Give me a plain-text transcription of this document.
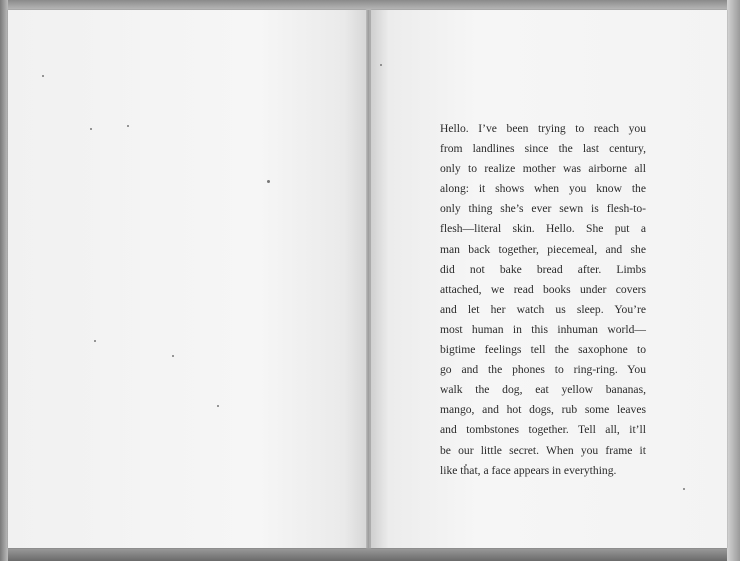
Hello. I’ve been trying to reach you
from landlines since the last century,
only to realize mother was airborne all
along: it shows when you know the
only thing she’s ever sewn is flesh-to-
flesh—literal skin. Hello. She put a
man back together, piecemeal, and she
did not bake bread after. Limbs
attached, we read books under covers
and let her watch us sleep. You’re
most human in this inhuman world—
bigtime feelings tell the saxophone to
go and the phones to ring-ring. You
walk the dog, eat yellow bananas,
mango, and hot dogs, rub some leaves
and tombstones together. Tell all, it’ll
be our little secret. When you frame it
like that, a face appears in everything.
